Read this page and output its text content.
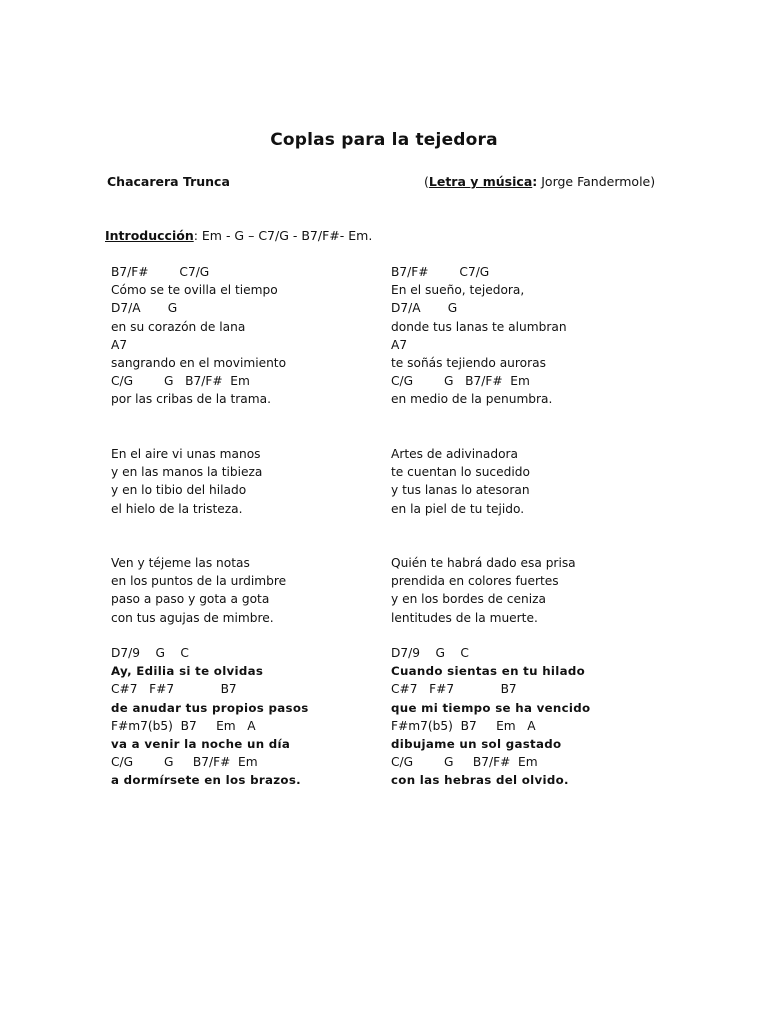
Coplas para la tejedora
Chacarera Trunca	(Letra y música: Jorge Fandermole)
Introducción: Em - G – C7/G - B7/F#- Em.
B7/F#        C7/G
Cómo se te ovilla el tiempo
D7/A       G
en su corazón de lana
A7
sangrando en el movimiento
C/G        G   B7/F#  Em
por las cribas de la trama.
B7/F#        C7/G
En el sueño, tejedora,
D7/A       G
donde tus lanas te alumbran
A7
te soñás tejiendo auroras
C/G        G   B7/F#  Em
en medio de la penumbra.
En el aire vi unas manos
y en las manos la tibieza
y en lo tibio del hilado
el hielo de la tristeza.
Artes de adivinadora
te cuentan lo sucedido
y tus lanas lo atesoran
en la piel de tu tejido.
Ven y téjeme las notas
en los puntos de la urdimbre
paso a paso y gota a gota
con tus agujas de mimbre.
Quién te habrá dado esa prisa
prendida en colores fuertes
y en los bordes de ceniza
lentitudes de la muerte.
D7/9    G    C
Ay, Edilia si te olvidas
C#7   F#7            B7
de anudar tus propios pasos
F#m7(b5)  B7     Em   A
va a venir la noche un día
C/G        G     B7/F#  Em
a dormírsete en los brazos.
D7/9    G    C
Cuando sientas en tu hilado
C#7   F#7            B7
que mi tiempo se ha vencido
F#m7(b5)  B7     Em   A
dibujame un sol gastado
C/G        G     B7/F#  Em
con las hebras del olvido.
